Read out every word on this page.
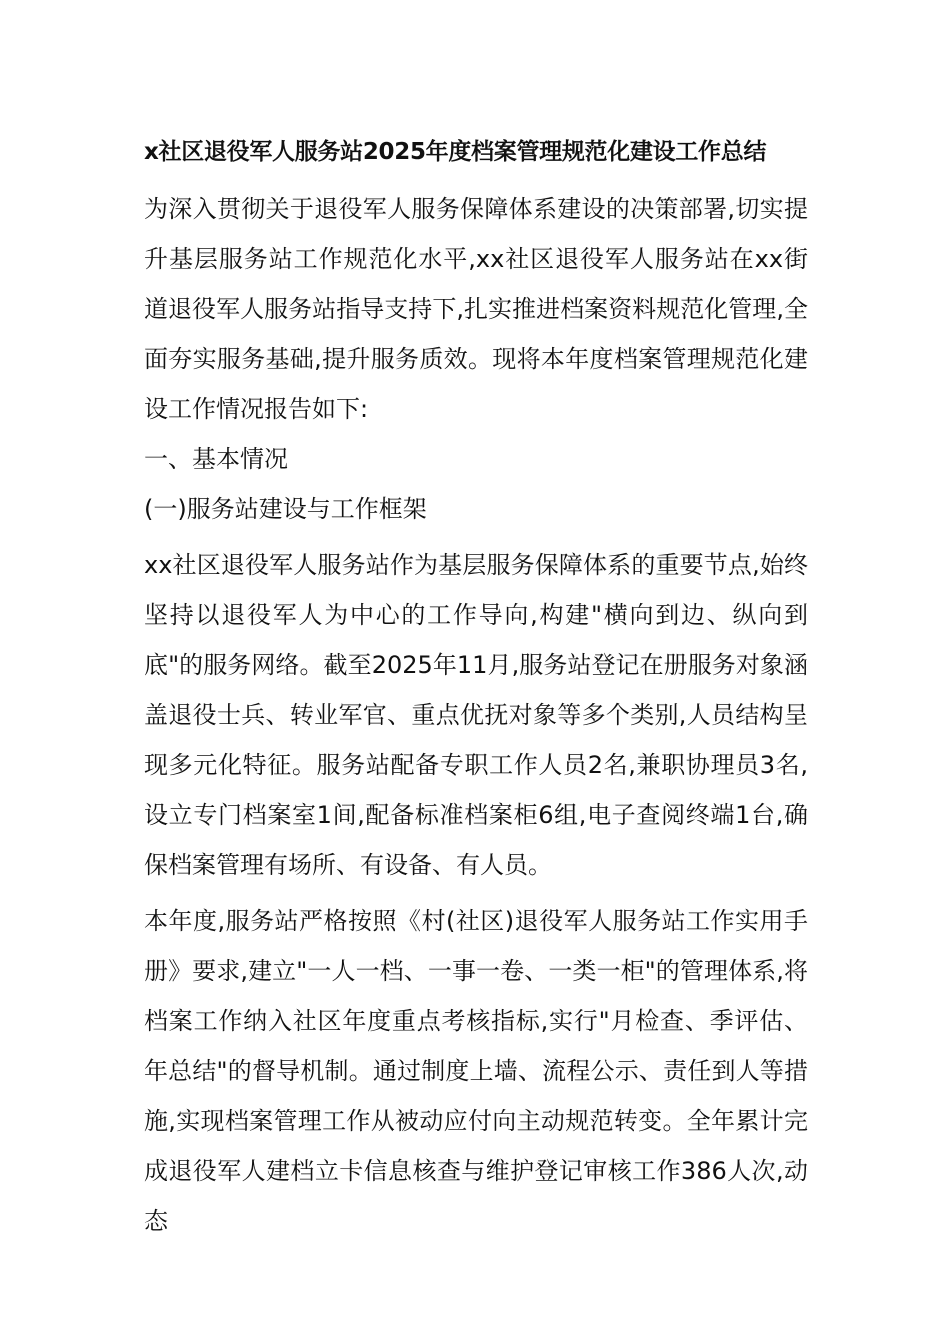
x社区退役军人服务站2025年度档案管理规范化建设工作总结

为深入贯彻关于退役军人服务保障体系建设的决策部署,切实提升基层服务站工作规范化水平,xx社区退役军人服务站在xx街道退役军人服务站指导支持下,扎实推进档案资料规范化管理,全面夯实服务基础,提升服务质效。现将本年度档案管理规范化建设工作情况报告如下:

一、基本情况
(一)服务站建设与工作框架

xx社区退役军人服务站作为基层服务保障体系的重要节点,始终坚持以退役军人为中心的工作导向,构建"横向到边、纵向到底"的服务网络。截至2025年11月,服务站登记在册服务对象涵盖退役士兵、转业军官、重点优抚对象等多个类别,人员结构呈现多元化特征。服务站配备专职工作人员2名,兼职协理员3名,设立专门档案室1间,配备标准档案柜6组,电子查阅终端1台,确保档案管理有场所、有设备、有人员。

本年度,服务站严格按照《村(社区)退役军人服务站工作实用手册》要求,建立"一人一档、一事一卷、一类一柜"的管理体系,将档案工作纳入社区年度重点考核指标,实行"月检查、季评估、年总结"的督导机制。通过制度上墙、流程公示、责任到人等措施,实现档案管理工作从被动应付向主动规范转变。全年累计完成退役军人建档立卡信息核查与维护登记审核工作386人次,动态
